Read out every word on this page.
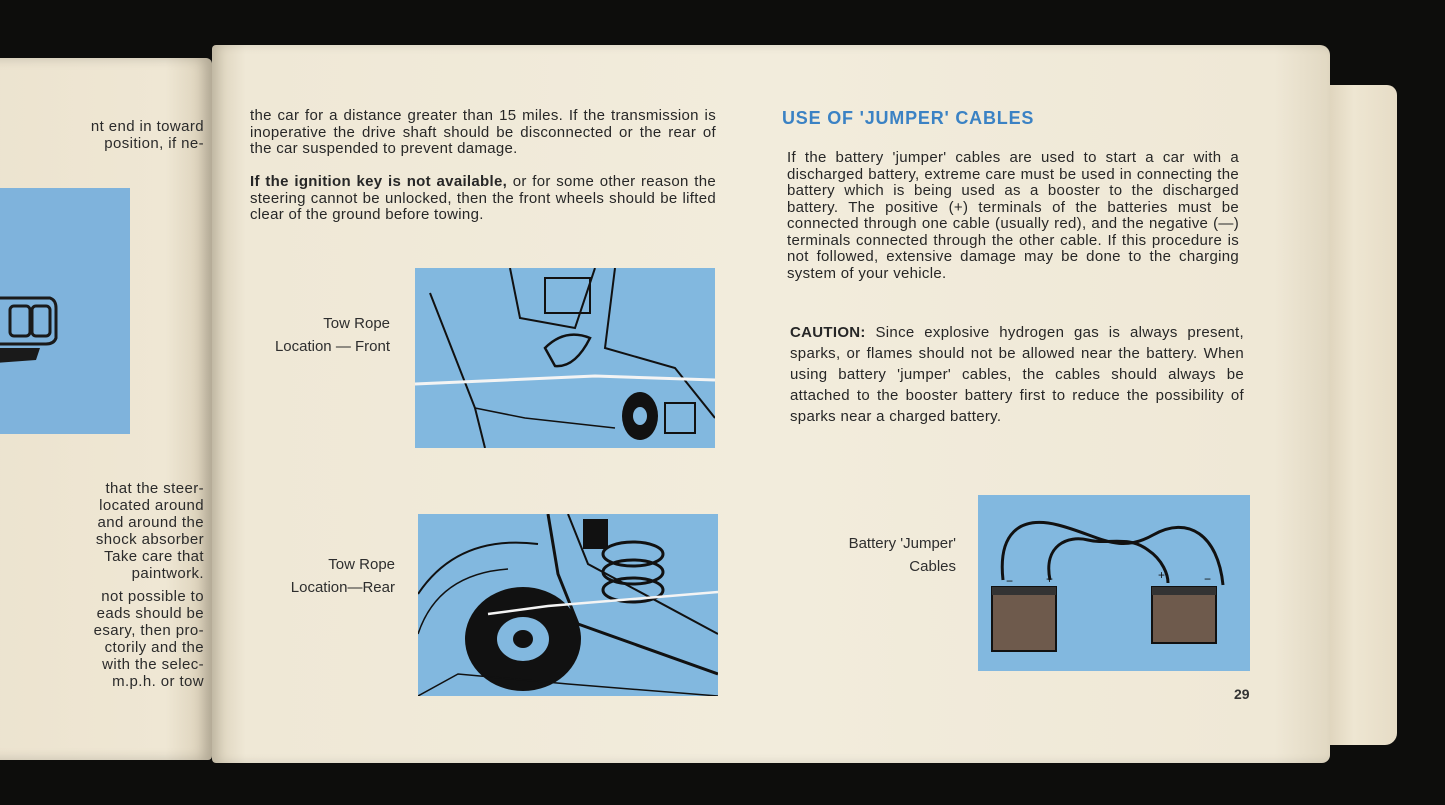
nt end in toward
position, if ne-
that the steer-
located around
and around the
shock absorber
Take care that
paintwork.
not possible to
eads should be
esary, then pro-
ctorily and the
with the selec-
m.p.h. or tow
the car for a distance greater than 15 miles. If the transmission is inoperative the drive shaft should be disconnected or the rear of the car suspended to prevent damage.
If the ignition key is not available, or for some other reason the steering cannot be unlocked, then the front wheels should be lifted clear of the ground before towing.
Tow Rope
Location — Front
Tow Rope
Location—Rear
USE OF 'JUMPER' CABLES
If the battery 'jumper' cables are used to start a car with a discharged battery, extreme care must be used in connecting the battery which is being used as a booster to the discharged battery. The positive (+) terminals of the batteries must be connected through one cable (usually red), and the negative (—) terminals connected through the other cable. If this procedure is not followed, extensive damage may be done to the charging system of your vehicle.
CAUTION: Since explosive hydrogen gas is always present, sparks, or flames should not be allowed near the battery. When using battery 'jumper' cables, the cables should always be attached to the booster battery first to reduce the possibility of sparks near a charged battery.
Battery 'Jumper'
Cables
−	+	+	−
29
